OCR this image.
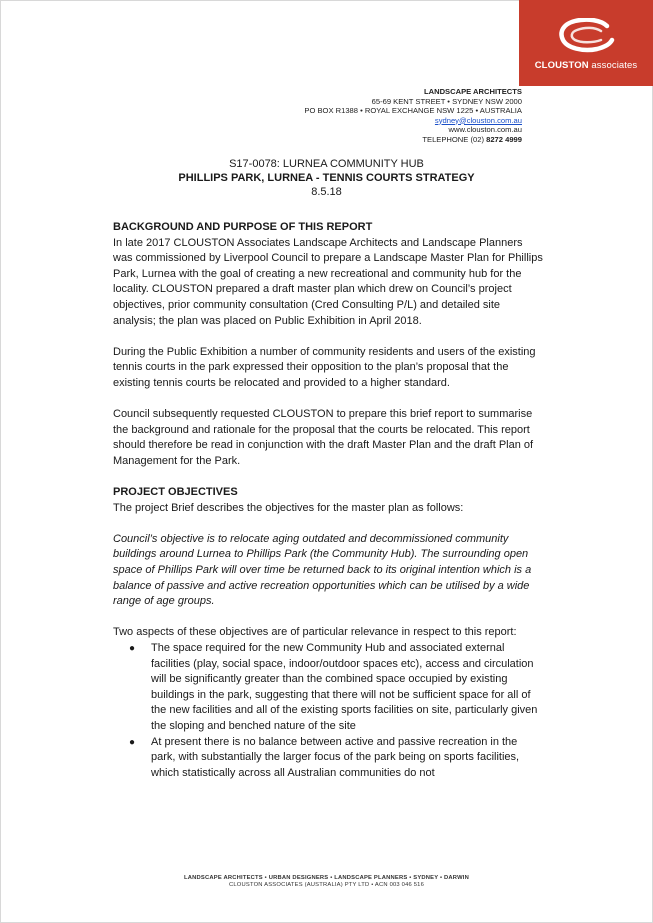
CLOUSTON associates
LANDSCAPE ARCHITECTS
65-69 KENT STREET • SYDNEY NSW 2000
PO BOX R1388 • ROYAL EXCHANGE NSW 1225 • AUSTRALIA
sydney@clouston.com.au
www.clouston.com.au
TELEPHONE (02) 8272 4999
S17-0078: LURNEA COMMUNITY HUB
PHILLIPS PARK, LURNEA - TENNIS COURTS STRATEGY
8.5.18
BACKGROUND AND PURPOSE OF THIS REPORT

In late 2017 CLOUSTON Associates Landscape Architects and Landscape Planners was commissioned by Liverpool Council to prepare a Landscape Master Plan for Phillips Park, Lurnea with the goal of creating a new recreational and community hub for the locality. CLOUSTON prepared a draft master plan which drew on Council’s project objectives, prior community consultation (Cred Consulting P/L) and detailed site analysis; the plan was placed on Public Exhibition in April 2018.

During the Public Exhibition a number of community residents and users of the existing tennis courts in the park expressed their opposition to the plan’s proposal that the existing tennis courts be relocated and provided to a higher standard.

Council subsequently requested CLOUSTON to prepare this brief report to summarise the background and rationale for the proposal that the courts be relocated. This report should therefore be read in conjunction with the draft Master Plan and the draft Plan of Management for the Park.

PROJECT OBJECTIVES

The project Brief describes the objectives for the master plan as follows:

Council’s objective is to relocate aging outdated and decommissioned community buildings around Lurnea to Phillips Park (the Community Hub). The surrounding open space of Phillips Park will over time be returned back to its original intention which is a balance of passive and active recreation opportunities which can be utilised by a wide range of age groups.

Two aspects of these objectives are of particular relevance in respect to this report:

● The space required for the new Community Hub and associated external facilities (play, social space, indoor/outdoor spaces etc), access and circulation will be significantly greater than the combined space occupied by existing buildings in the park, suggesting that there will not be sufficient space for all of the new facilities and all of the existing sports facilities on site, particularly given the sloping and benched nature of the site
● At present there is no balance between active and passive recreation in the park, with substantially the larger focus of the park being on sports facilities, which statistically across all Australian communities do not
LANDSCAPE ARCHITECTS • URBAN DESIGNERS • LANDSCAPE PLANNERS • SYDNEY • DARWIN
CLOUSTON ASSOCIATES (AUSTRALIA) PTY LTD • ACN 003 046 516
